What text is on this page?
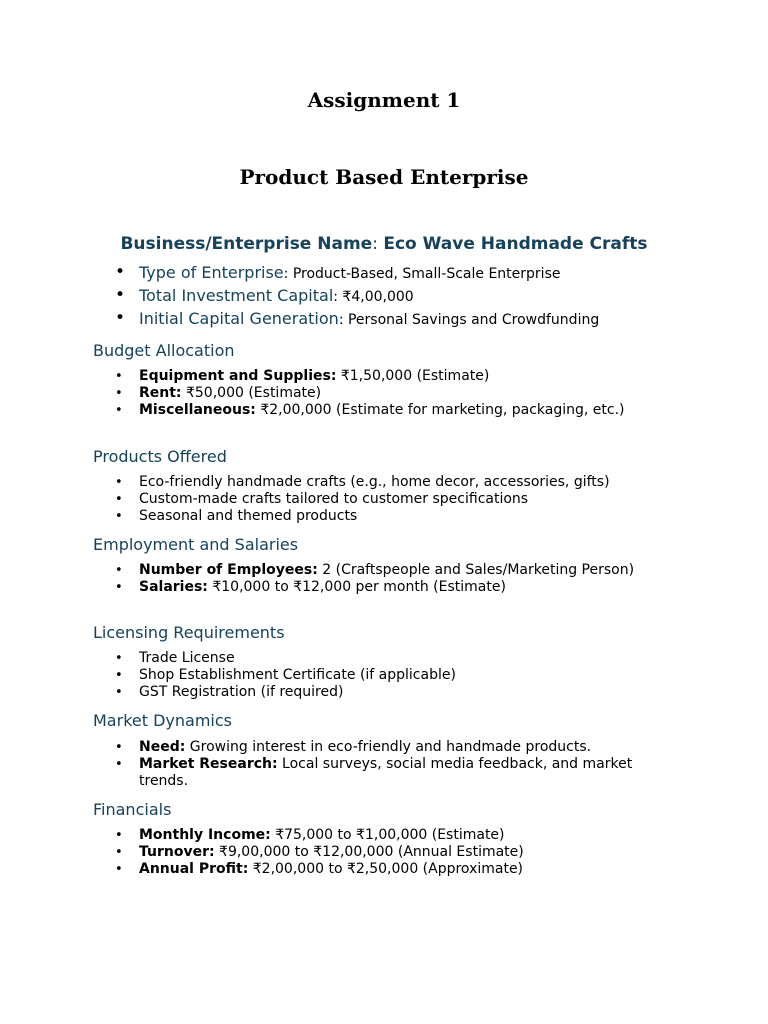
Assignment 1
Product Based Enterprise

Business/Enterprise Name: Eco Wave Handmade Crafts

• Type of Enterprise: Product-Based, Small-Scale Enterprise
• Total Investment Capital: ₹4,00,000
• Initial Capital Generation: Personal Savings and Crowdfunding
Budget Allocation
• Equipment and Supplies: ₹1,50,000 (Estimate)
• Rent: ₹50,000 (Estimate)
• Miscellaneous: ₹2,00,000 (Estimate for marketing, packaging, etc.)
Products Offered
• Eco-friendly handmade crafts (e.g., home decor, accessories, gifts)
• Custom-made crafts tailored to customer specifications
• Seasonal and themed products
Employment and Salaries
• Number of Employees: 2 (Craftspeople and Sales/Marketing Person)
• Salaries: ₹10,000 to ₹12,000 per month (Estimate)
Licensing Requirements
• Trade License
• Shop Establishment Certificate (if applicable)
• GST Registration (if required)
Market Dynamics
• Need: Growing interest in eco-friendly and handmade products.
• Market Research: Local surveys, social media feedback, and market trends.
Financials
• Monthly Income: ₹75,000 to ₹1,00,000 (Estimate)
• Turnover: ₹9,00,000 to ₹12,00,000 (Annual Estimate)
• Annual Profit: ₹2,00,000 to ₹2,50,000 (Approximate)
